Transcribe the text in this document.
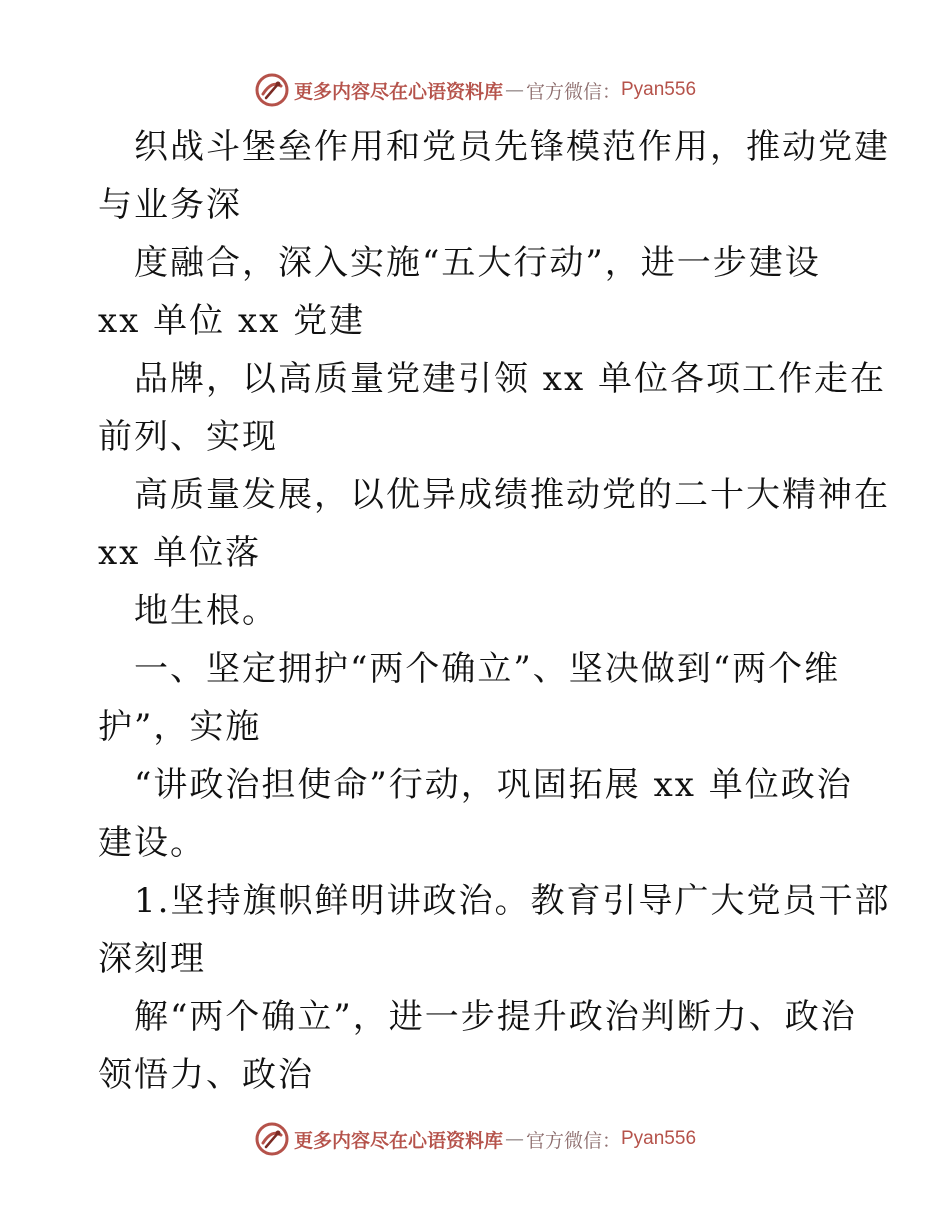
更多内容尽在心语资料库 — 官方微信： Pyan556
织战斗堡垒作用和党员先锋模范作用，推动党建
与业务深
度融合，深入实施“五大行动”，进一步建设
xx 单位 xx 党建
品牌，以高质量党建引领 xx 单位各项工作走在
前列、实现
高质量发展，以优异成绩推动党的二十大精神在
xx 单位落
地生根。
一、坚定拥护“两个确立”、坚决做到“两个维
护”，实施
“讲政治担使命”行动，巩固拓展 xx 单位政治
建设。
1.坚持旗帜鲜明讲政治。教育引导广大党员干部
深刻理
解“两个确立”，进一步提升政治判断力、政治
领悟力、政治
更多内容尽在心语资料库 — 官方微信： Pyan556
